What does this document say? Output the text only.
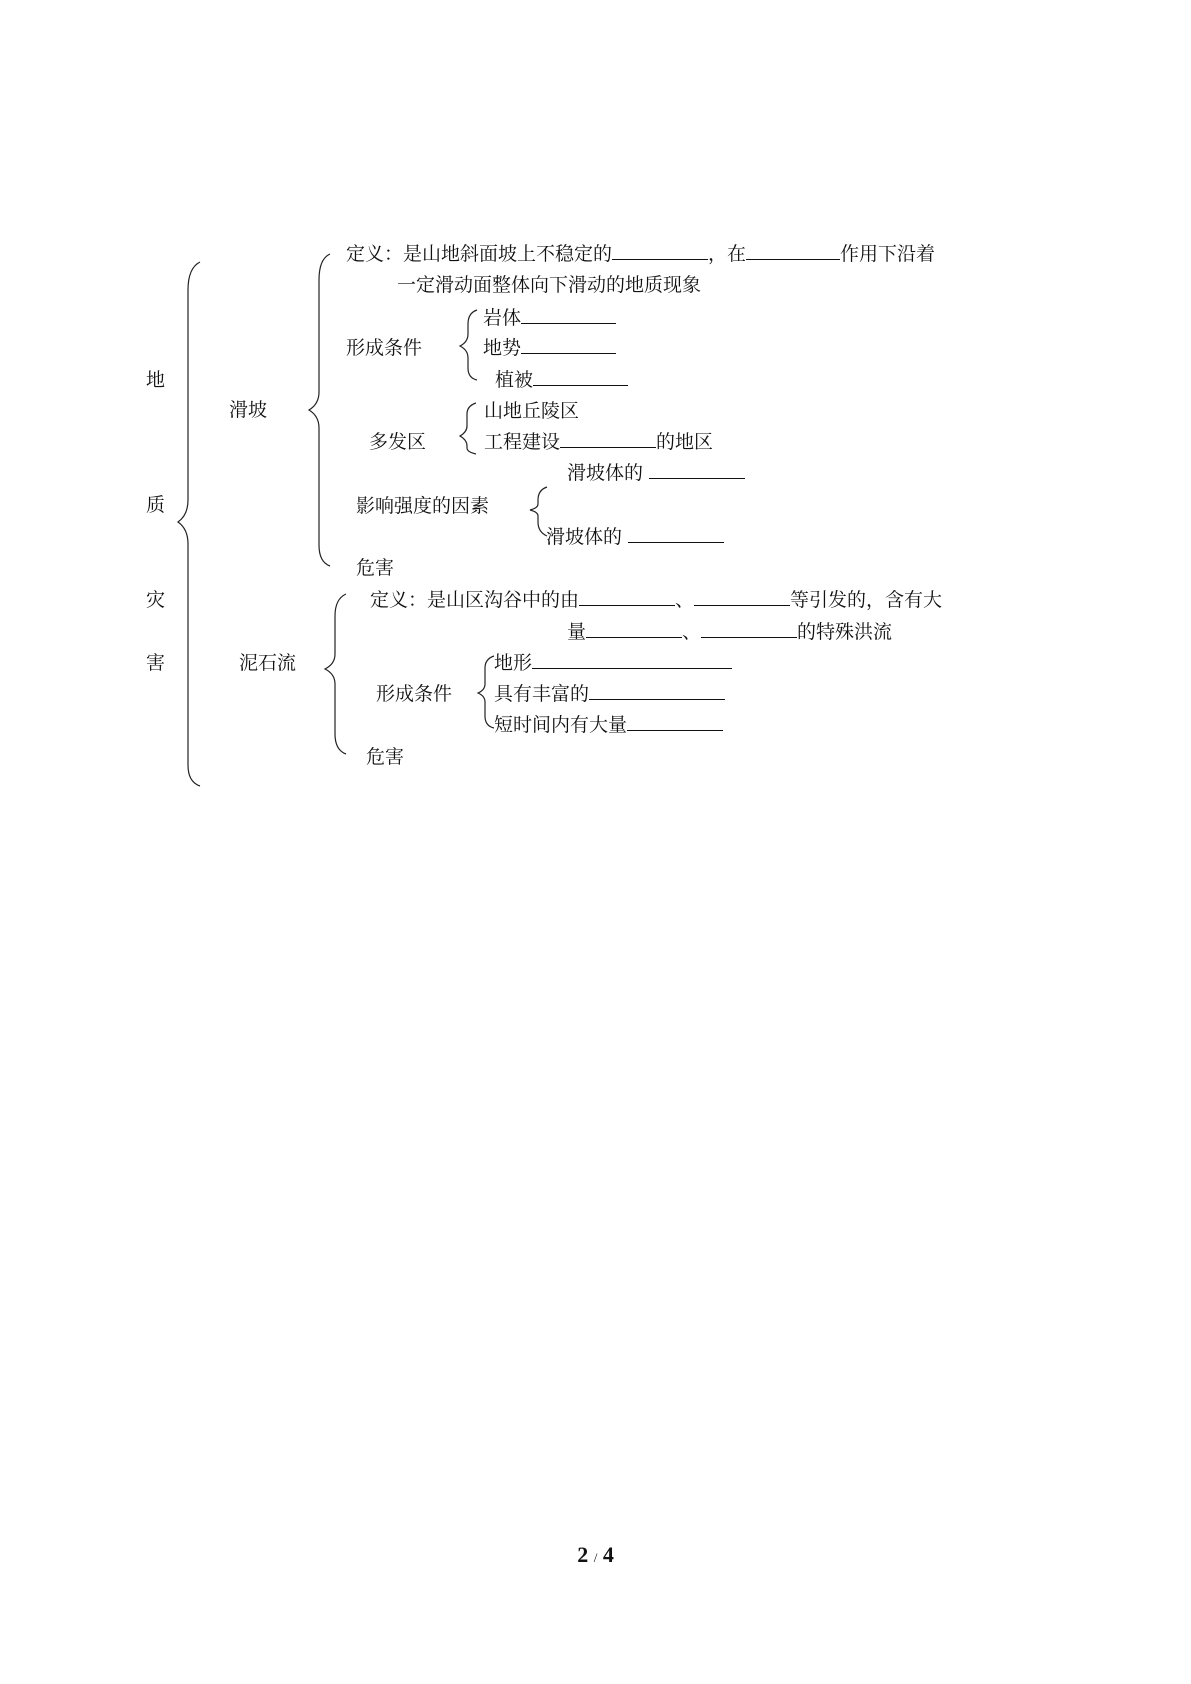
地
质
灾
害
滑坡
定义：是山地斜面坡上不稳定的	，在	作用下沿着
一定滑动面整体向下滑动的地质现象
形成条件
岩体
地势
植被
多发区
山地丘陵区
工程建设	的地区
影响强度的因素
滑坡体的
滑坡体的
危害
泥石流
定义：是山区沟谷中的由	、	等引发的，含有大
量	、	的特殊洪流
形成条件
地形
具有丰富的
短时间内有大量
危害
2 / 4
